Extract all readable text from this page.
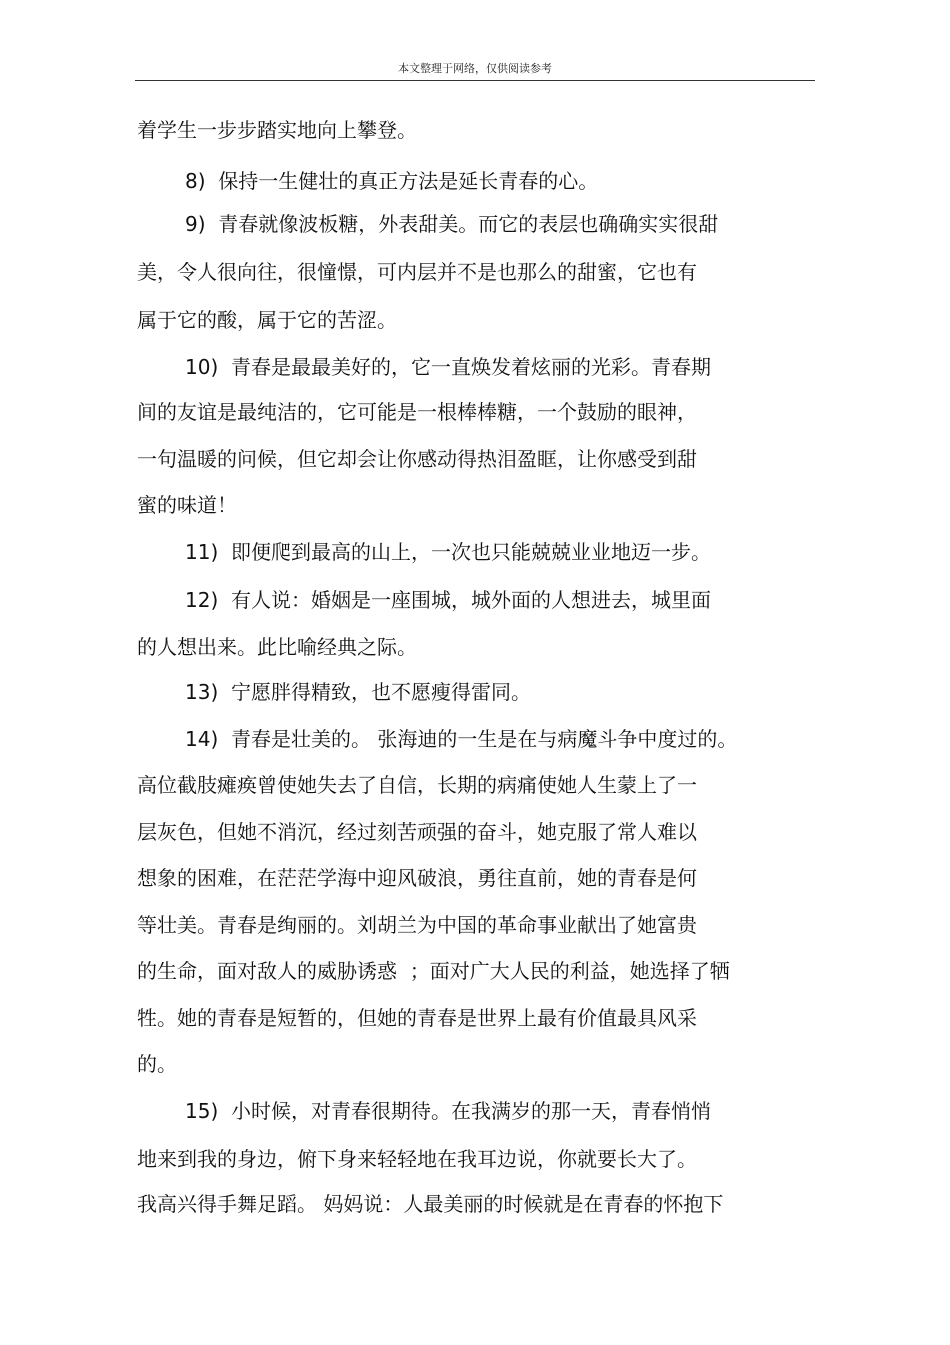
本文整理于网络，仅供阅读参考
着学生一步步踏实地向上攀登。
8)  保持一生健壮的真正方法是延长青春的心。
9)  青春就像波板糖，外表甜美。而它的表层也确确实实很甜
美，令人很向往，很憧憬，可内层并不是也那么的甜蜜，它也有
属于它的酸，属于它的苦涩。
10)  青春是最最美好的，它一直焕发着炫丽的光彩。青春期
间的友谊是最纯洁的，它可能是一根棒棒糖，一个鼓励的眼神，
一句温暖的问候，但它却会让你感动得热泪盈眶，让你感受到甜
蜜的味道！
11)  即便爬到最高的山上，一次也只能兢兢业业地迈一步。
12)  有人说：婚姻是一座围城，城外面的人想进去，城里面
的人想出来。此比喻经典之际。
13)  宁愿胖得精致，也不愿瘦得雷同。
14)  青春是壮美的。 张海迪的一生是在与病魔斗争中度过的。
高位截肢瘫痪曾使她失去了自信，长期的病痛使她人生蒙上了一
层灰色，但她不消沉，经过刻苦顽强的奋斗，她克服了常人难以
想象的困难，在茫茫学海中迎风破浪，勇往直前，她的青春是何
等壮美。青春是绚丽的。刘胡兰为中国的革命事业献出了她富贵
的生命，面对敌人的威胁诱惑  ；面对广大人民的利益，她选择了牺
牲。她的青春是短暂的，但她的青春是世界上最有价值最具风采
的。
15)  小时候，对青春很期待。在我满岁的那一天，青春悄悄
地来到我的身边，俯下身来轻轻地在我耳边说，你就要长大了。
我高兴得手舞足蹈。 妈妈说：人最美丽的时候就是在青春的怀抱下
